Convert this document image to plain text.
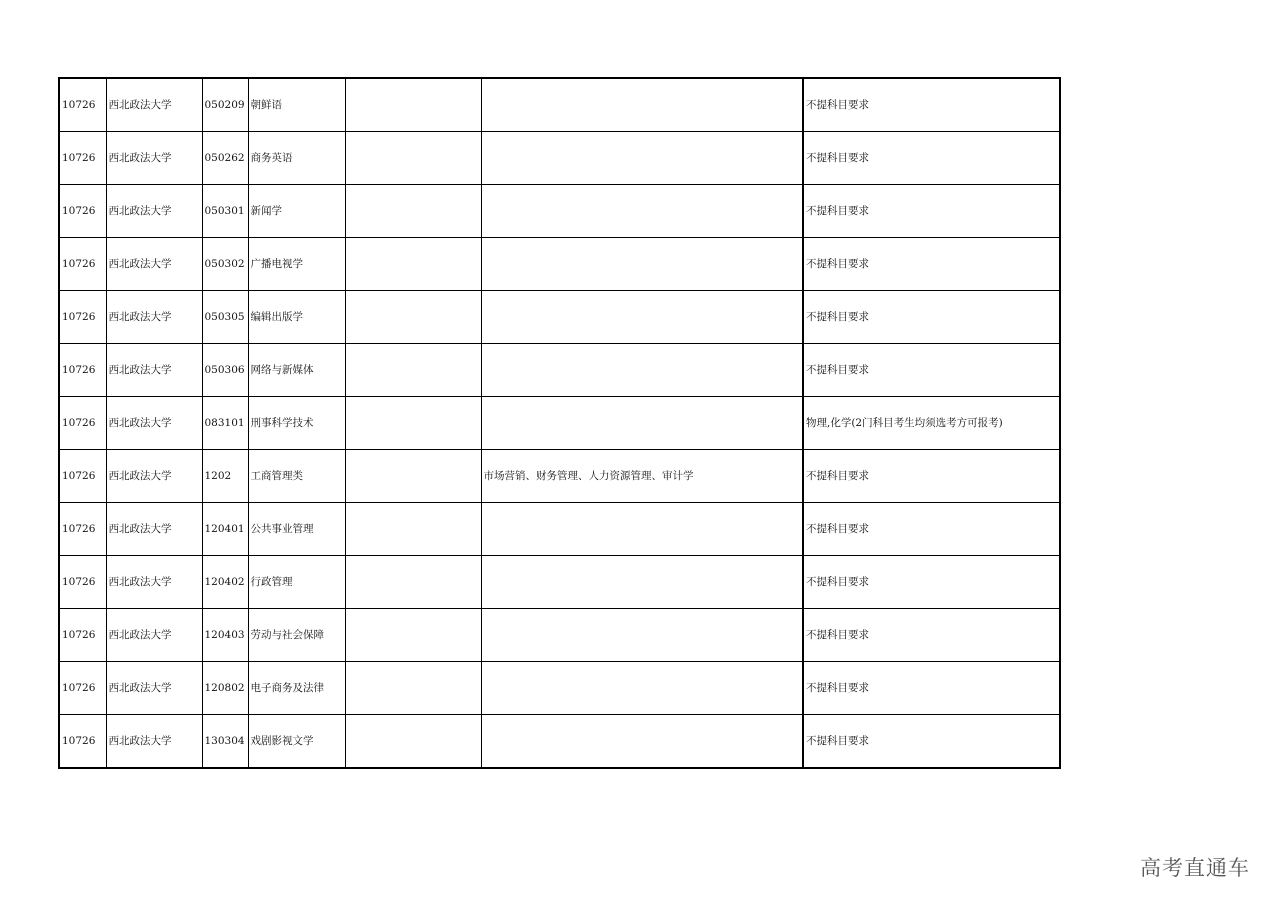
10726	西北政法大学	050209	朝鲜语			不提科目要求
10726	西北政法大学	050262	商务英语			不提科目要求
10726	西北政法大学	050301	新闻学			不提科目要求
10726	西北政法大学	050302	广播电视学			不提科目要求
10726	西北政法大学	050305	编辑出版学			不提科目要求
10726	西北政法大学	050306	网络与新媒体			不提科目要求
10726	西北政法大学	083101	刑事科学技术			物理,化学(2门科目考生均须选考方可报考)
10726	西北政法大学	1202	工商管理类		市场营销、财务管理、人力资源管理、审计学	不提科目要求
10726	西北政法大学	120401	公共事业管理			不提科目要求
10726	西北政法大学	120402	行政管理			不提科目要求
10726	西北政法大学	120403	劳动与社会保障			不提科目要求
10726	西北政法大学	120802	电子商务及法律			不提科目要求
10726	西北政法大学	130304	戏剧影视文学			不提科目要求
高考直通车
